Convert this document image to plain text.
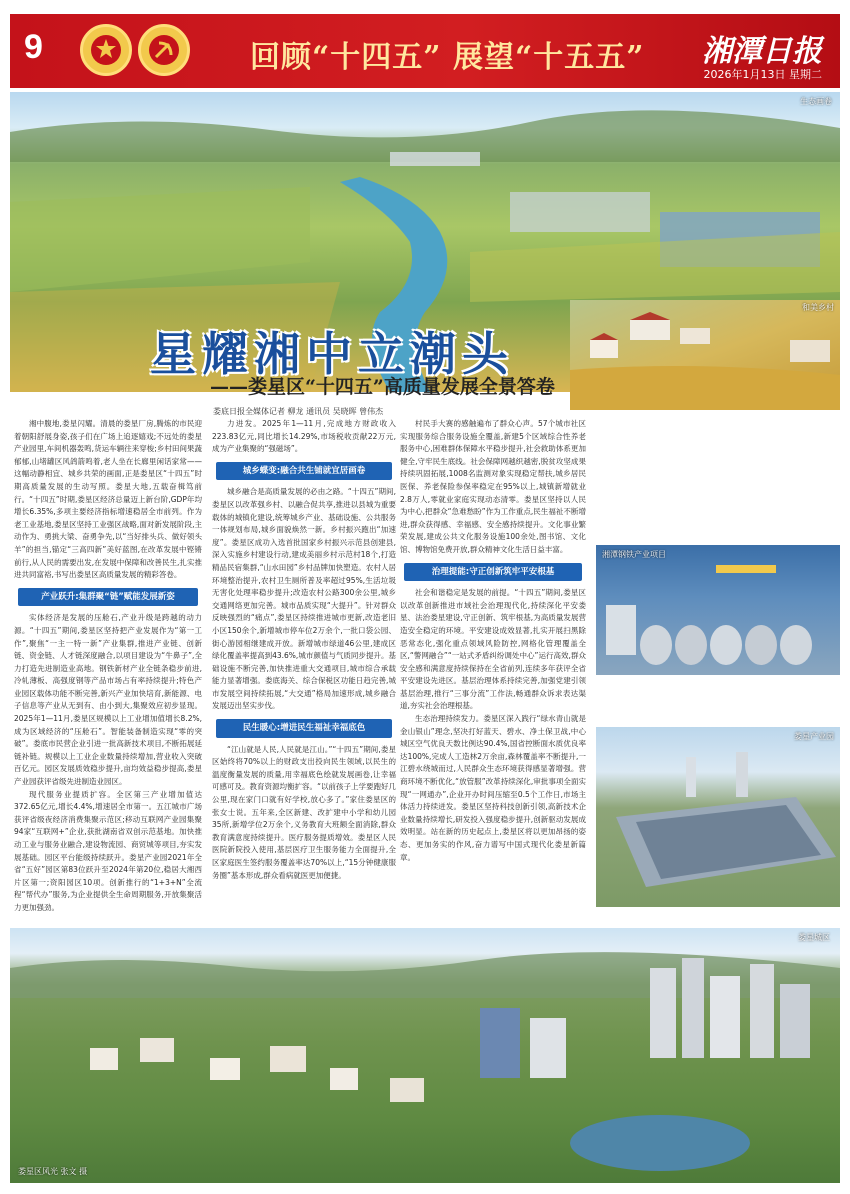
9	回顾“十四五” 展望“十五五” 湘潭日报
2026年1月13日 星期二
生态画卷
和美乡村
星耀湘中立潮头
——娄星区“十四五”高质量发展全景答卷
娄底日报全媒体记者 柳龙 通讯员 吴晓晖 曾伟杰

湘中腹地,娄星闪耀。清晨的娄星厂房,腾炼的市民迎着朝阳舒展身姿,孩子们在广场上追逐嬉戏;不远处的娄星产业园里,车间机器轰鸣,货运车辆往来穿梭;乡村田间果蔬郁郁,山堵罐区风鸽箭鸣着,老人坐在长廊里闲话家常——这幅动静相宜、城乡共荣的画面,正是娄星区“十四五”时期高质量发展的生动写照。娄星大地,五载奋楫笃前行。“十四五”时期,娄星区经济总量迈上新台阶,GDP年均增长6.35%,多项主要经济指标增速稳居全市前列。作为老工业基地,娄星区坚持工业强区战略,面对新发展阶段,主动作为、勇挑大梁、奋勇争先,以“当好排头兵、做好领头羊”的担当,锚定“三高四新”美好蓝图,在改革发展中铿锵前行,从人民的需要出发,在发展中保障和改善民生,扎实推进共同富裕,书写出娄星区高质量发展的精彩答卷。

产业跃升:集群聚“链”赋能发展新姿

实体经济是发展的压舱石,产业升级是跨越的动力源。“十四五”期间,娄星区坚持把产业发展作为“第一工作”,聚焦“一主一特一新”产业集群,推进产业链、创新链、资金链、人才链深度融合,以项目建设为“牛鼻子”,全力打造先进制造业高地。钢铁新材产业全链条稳步前进,冷轧薄板、高强度钢等产品市场占有率持续提升;特色产业园区载体功能不断完善,新兴产业加快培育,新能源、电子信息等产业从无到有、由小到大,集聚效应初步显现。2025年1—11月,娄星区规模以上工业增加值增长8.2%,成为区域经济的“压舱石”。智能装备制造实现“零的突破”。娄底市民营企业引进一批高新技术项目,不断拓展延链补链。规模以上工业企业数量持续增加,营业收入突破百亿元。园区发展质效稳步提升,亩均效益稳步提高,娄星产业园获评省级先进制造业园区。

现代服务业提质扩容。全区第三产业增加值达372.65亿元,增长4.4%,增速居全市第一。五江城市广场获评省级夜经济消费集聚示范区;移动互联网产业园集聚94家“互联网+”企业,获批湖南省双创示范基地。加快推动工业与服务业融合,建设物流园、商贸城等项目,夯实发展基础。园区平台能级持续跃升。娄星产业园2021年全省“五好”园区第83位跃升至2024年第20位,稳居大湘西片区第一;资阳园区10项。创新推行的“1+3+N”全流程“帮代办”服务,为企业提供全生命周期服务,开放集聚活力更加强劲。

力进发。2025年1—11月,完成地方财政收入223.83亿元,同比增长14.29%,市场税收贡献22万元,成为产业集聚的“强磁场”。

城乡蝶变:融合共生铺就宜居画卷

城乡融合是高质量发展的必由之路。“十四五”期间,娄星区以改革强乡村、以融合促共享,推进以县城为重要载体的城镇化建设,统筹城乡产业、基础设施、公共服务一体规划布局,城乡面貌焕然一新。乡村振兴跑出“加速度”。娄星区成功入选首批国家乡村振兴示范县创建县,深入实施乡村建设行动,建成美丽乡村示范村18个,打造精品民宿集群,“山水田园”乡村品牌加快塑造。农村人居环境整治提升,农村卫生厕所普及率超过95%,生活垃圾无害化处理率稳步提升;改造农村公路300余公里,城乡交通网络更加完善。城市品质实现“大提升”。针对群众反映强烈的“痛点”,娄星区持续推进城市更新,改造老旧小区150余个,新增城市停车位2万余个,一批口袋公园、街心游园相继建成开放。新增城市绿道46公里,建成区绿化覆盖率提高到43.6%,城市颜值与气质同步提升。基础设施不断完善,加快推进重大交通项目,城市综合承载能力显著增强。娄底海关、综合保税区功能日趋完善,城市发展空间持续拓展,“大交通”格局加速形成,城乡融合发展迈出坚实步伐。

民生暖心:增进民生福祉幸福底色

“江山就是人民,人民就是江山。”“十四五”期间,娄星区始终将70%以上的财政支出投向民生领域,以民生的温度衡量发展的质量,用幸福底色绘就发展画卷,让幸福可感可及。教育资源均衡扩容。“以前孩子上学要跑好几公里,现在家门口就有好学校,放心多了。”家住娄星区的张女士说。五年来,全区新建、改扩建中小学和幼儿园35所,新增学位2万余个,义务教育大班额全面消除,群众教育满意度持续提升。医疗服务提质增效。娄星区人民医院新院投入使用,基层医疗卫生服务能力全面提升,全区家庭医生签约服务覆盖率达70%以上,“15分钟健康服务圈”基本形成,群众看病就医更加便捷。

村民手大赛的感触遍布了群众心声。57个城市社区实现服务综合服务设施全覆盖,新建5个区域综合性养老服务中心,困难群体保障水平稳步提升,社会救助体系更加健全,守牢民生底线。社会保障网越织越密,脱贫攻坚成果持续巩固拓展,1008名监测对象实现稳定帮扶,城乡居民医保、养老保险参保率稳定在95%以上,城镇新增就业2.8万人,零就业家庭实现动态清零。娄星区坚持以人民为中心,把群众“急难愁盼”作为工作重点,民生福祉不断增进,群众获得感、幸福感、安全感持续提升。文化事业繁荣发展,建成公共文化服务设施100余处,图书馆、文化馆、博物馆免费开放,群众精神文化生活日益丰富。

治理提能:守正创新筑牢平安根基

社会和谐稳定是发展的前提。“十四五”期间,娄星区以改革创新推进市域社会治理现代化,持续深化平安娄星、法治娄星建设,守正创新、筑牢根基,为高质量发展营造安全稳定的环境。平安建设成效显著,扎实开展扫黑除恶常态化,强化重点领域风险防控,网格化管理覆盖全区,“警网融合”“一站式矛盾纠纷调处中心”运行高效,群众安全感和满意度持续保持在全省前列,连续多年获评全省平安建设先进区。基层治理体系持续完善,加强党建引领基层治理,推行“三事分流”工作法,畅通群众诉求表达渠道,夯实社会治理根基。

生态治理持续发力。娄星区深入践行“绿水青山就是金山银山”理念,坚决打好蓝天、碧水、净土保卫战,中心城区空气优良天数比例达90.4%,国省控断面水质优良率达100%,完成人工造林2万余亩,森林覆盖率不断提升,一江碧水绕城而过,人民群众生态环境获得感显著增强。营商环境不断优化,“放管服”改革持续深化,审批事项全面实现“一网通办”,企业开办时间压缩至0.5个工作日,市场主体活力持续迸发。娄星区坚持科技创新引领,高新技术企业数量持续增长,研发投入强度稳步提升,创新驱动发展成效明显。站在新的历史起点上,娄星区将以更加昂扬的姿态、更加务实的作风,奋力谱写中国式现代化娄星新篇章。

湘潭钢铁产业项目
娄星产业园
娄星城区
娄星区风光 张文 摄
